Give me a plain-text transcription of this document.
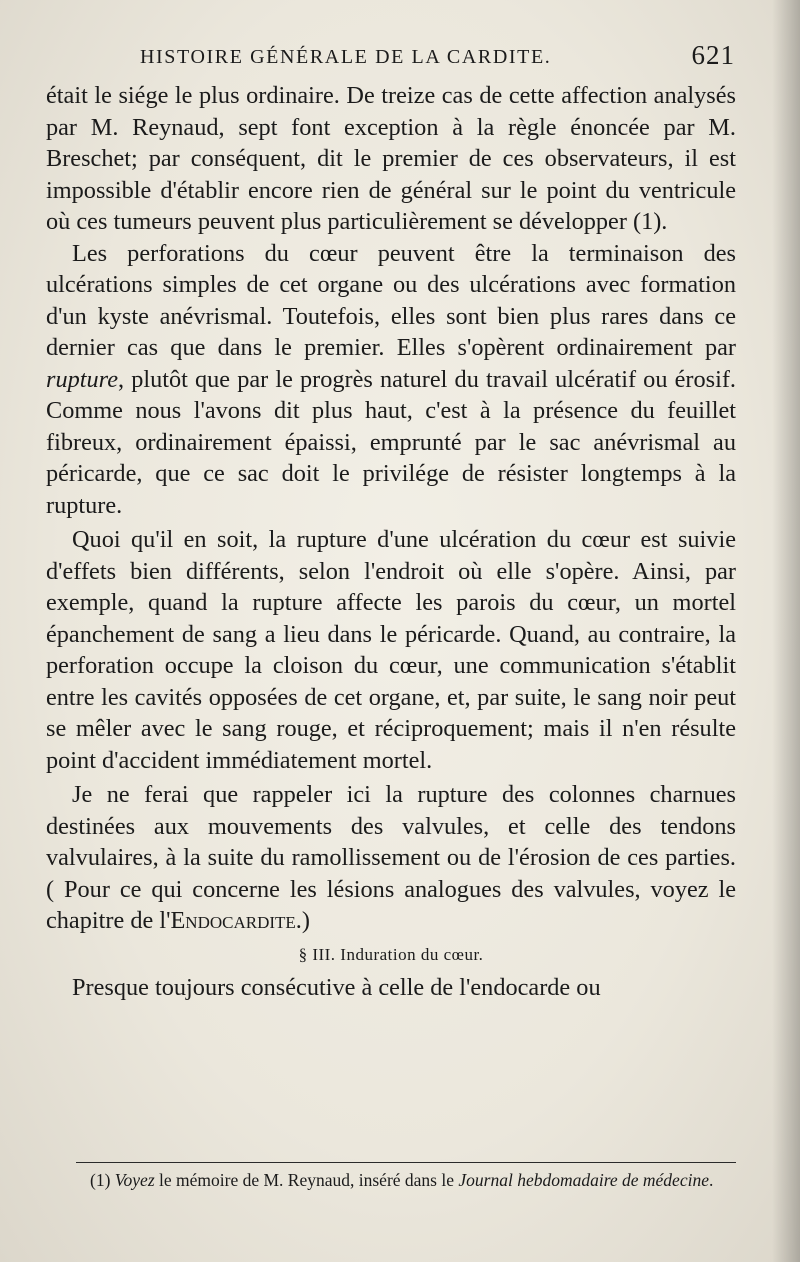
HISTOIRE GÉNÉRALE DE LA CARDITE.	621

était le siége le plus ordinaire. De treize cas de cette affection analysés par M. Reynaud, sept font exception à la règle énoncée par M. Breschet; par conséquent, dit le premier de ces observateurs, il est impossible d'établir encore rien de général sur le point du ventricule où ces tumeurs peuvent plus particulièrement se développer (1).

Les perforations du cœur peuvent être la terminaison des ulcérations simples de cet organe ou des ulcérations avec formation d'un kyste anévrismal. Toutefois, elles sont bien plus rares dans ce dernier cas que dans le premier. Elles s'opèrent ordinairement par rupture, plutôt que par le progrès naturel du travail ulcératif ou érosif. Comme nous l'avons dit plus haut, c'est à la présence du feuillet fibreux, ordinairement épaissi, emprunté par le sac anévrismal au péricarde, que ce sac doit le privilége de résister longtemps à la rupture.

Quoi qu'il en soit, la rupture d'une ulcération du cœur est suivie d'effets bien différents, selon l'endroit où elle s'opère. Ainsi, par exemple, quand la rupture affecte les parois du cœur, un mortel épanchement de sang a lieu dans le péricarde. Quand, au contraire, la perforation occupe la cloison du cœur, une communication s'établit entre les cavités opposées de cet organe, et, par suite, le sang noir peut se mêler avec le sang rouge, et réciproquement; mais il n'en résulte point d'accident immédiatement mortel.

Je ne ferai que rappeler ici la rupture des colonnes charnues destinées aux mouvements des valvules, et celle des tendons valvulaires, à la suite du ramollissement ou de l'érosion de ces parties. ( Pour ce qui concerne les lésions analogues des valvules, voyez le chapitre de l'Endocardite.)

§ III. Induration du cœur.

Presque toujours consécutive à celle de l'endocarde ou

(1) Voyez le mémoire de M. Reynaud, inséré dans le Journal hebdomadaire de médecine.
